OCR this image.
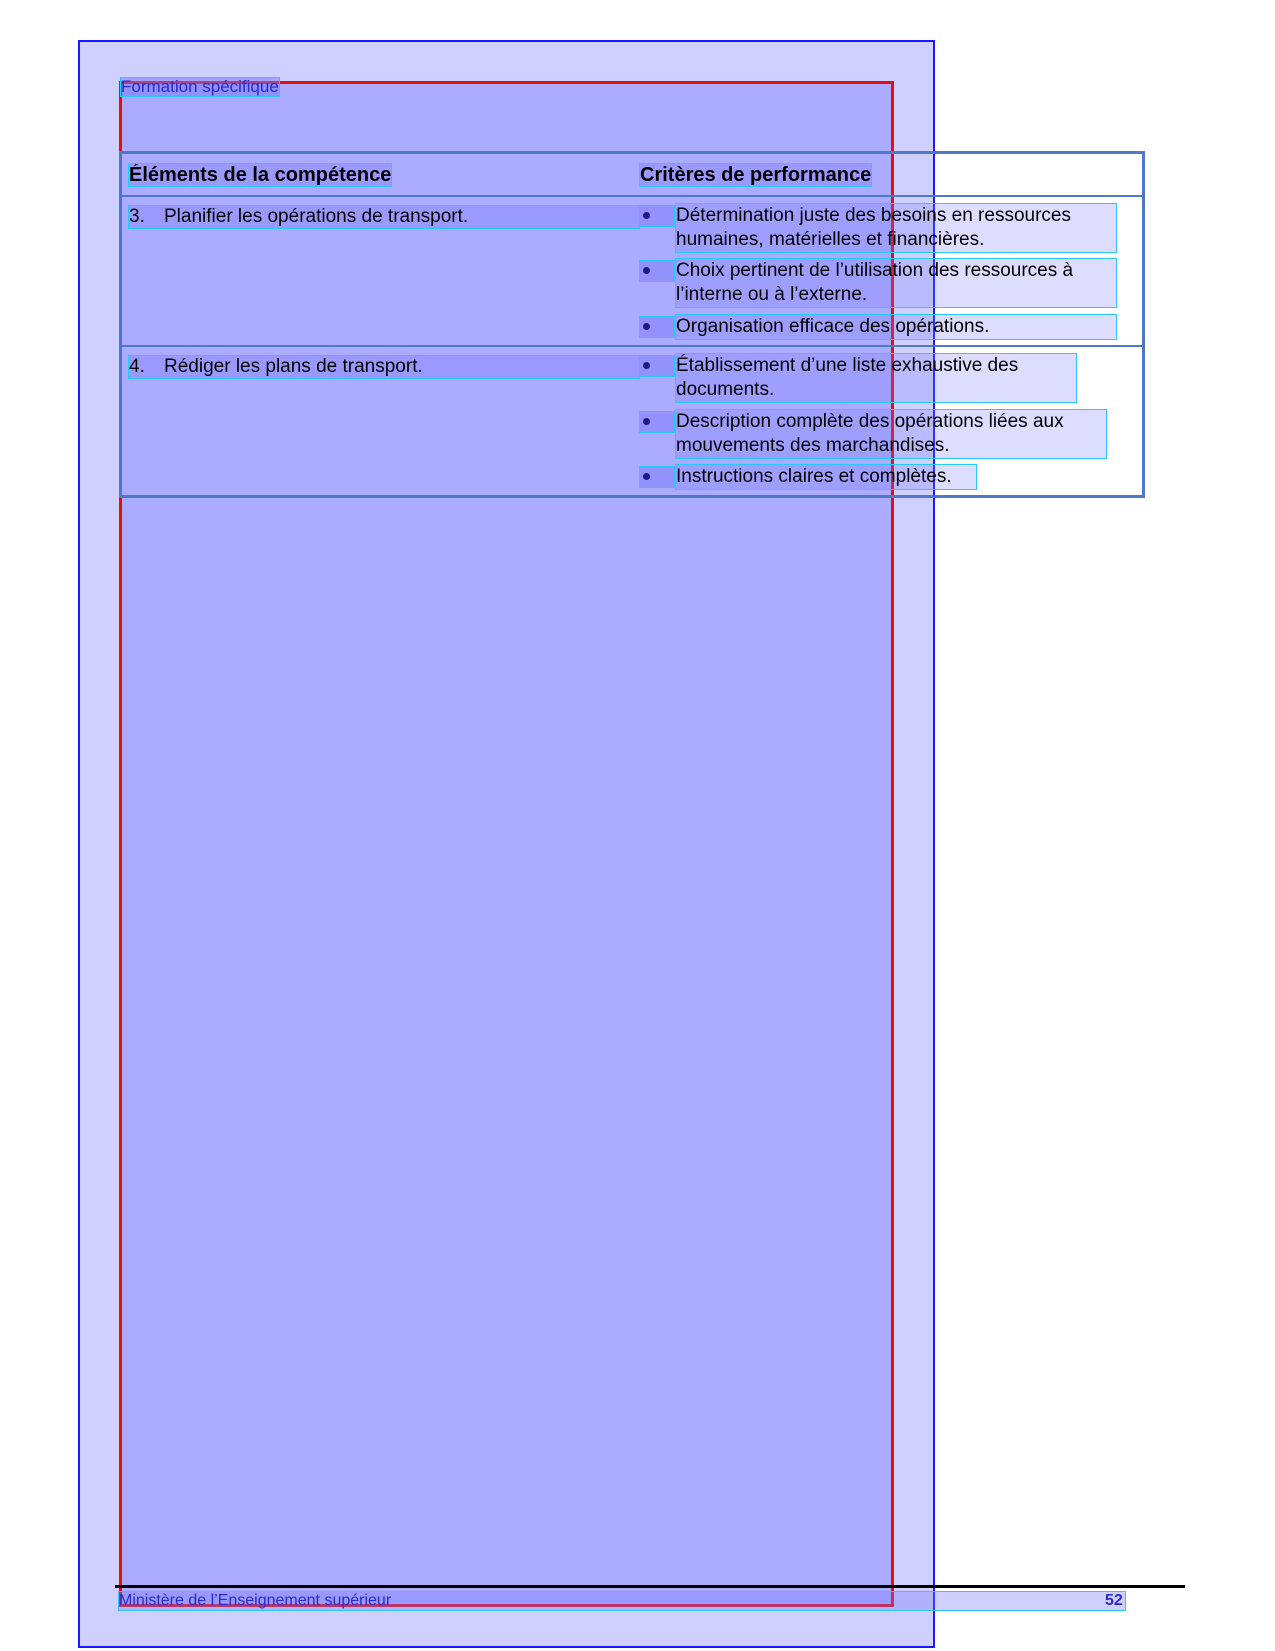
Formation spécifique
Éléments de la compétence	Critères de performance
3. Planifier les opérations de transport.	Détermination juste des besoins en ressources humaines, matérielles et financières.
Choix pertinent de l’utilisation des ressources à l’interne ou à l’externe.
Organisation efficace des opérations.
4. Rédiger les plans de transport.	Établissement d’une liste exhaustive des documents.
Description complète des opérations liées aux mouvements des marchandises.
Instructions claires et complètes.
Ministère de l’Enseignement supérieur	52
